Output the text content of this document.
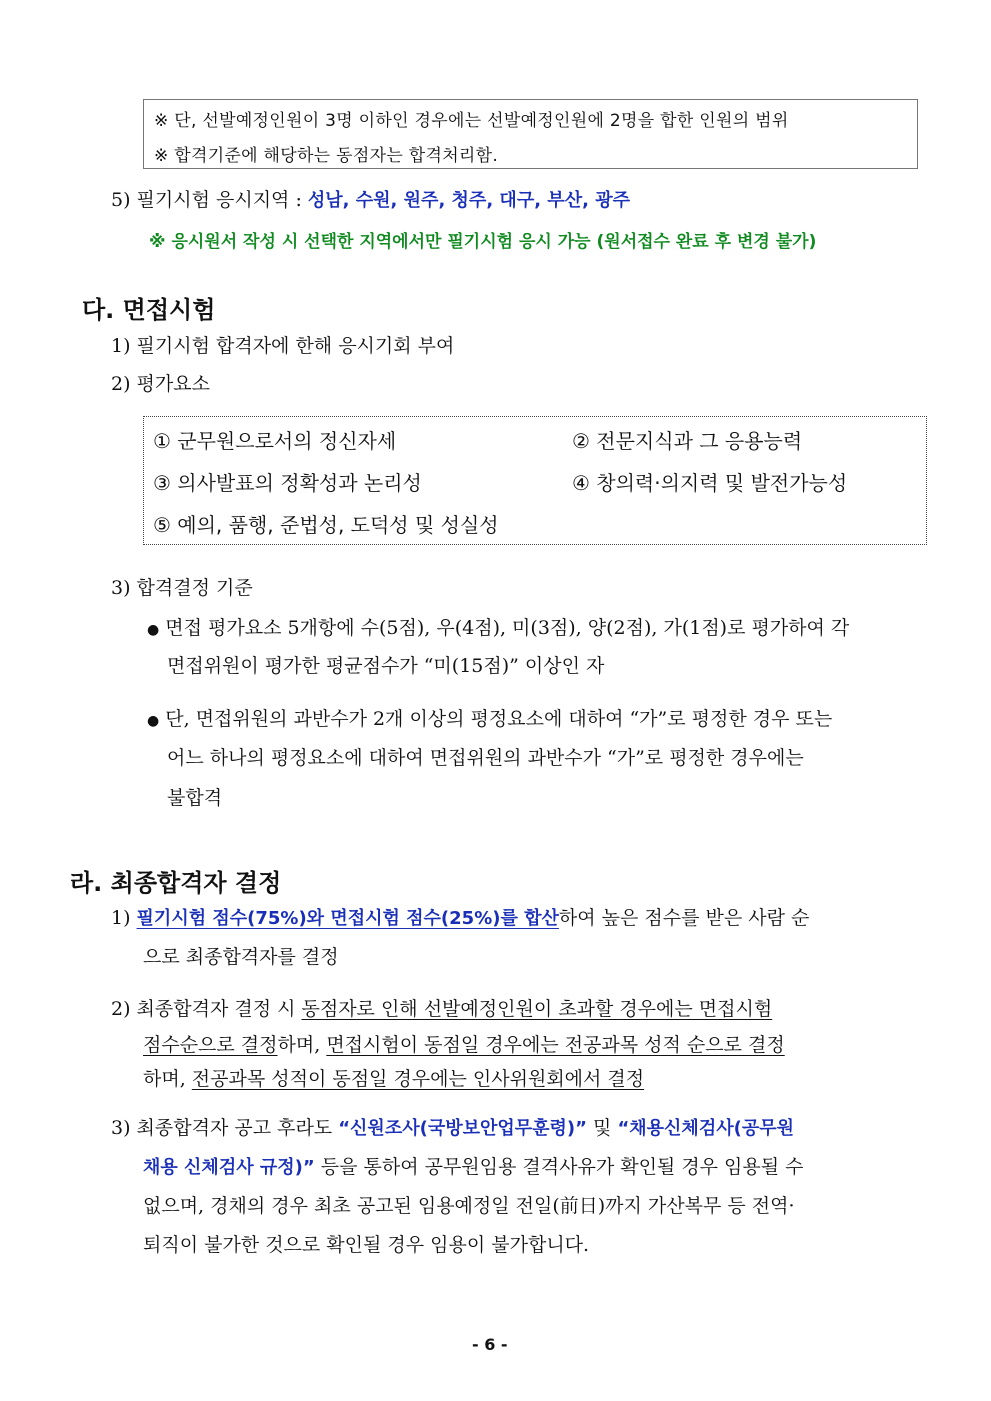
※ 단, 선발예정인원이 3명 이하인 경우에는 선발예정인원에 2명을 합한 인원의 범위
※ 합격기준에 해당하는 동점자는 합격처리함.
5) 필기시험 응시지역 : 성남, 수원, 원주, 청주, 대구, 부산, 광주
※ 응시원서 작성 시 선택한 지역에서만 필기시험 응시 가능 (원서접수 완료 후 변경 불가)
다. 면접시험
1) 필기시험 합격자에 한해 응시기회 부여
2) 평가요소
① 군무원으로서의 정신자세	② 전문지식과 그 응용능력
③ 의사발표의 정확성과 논리성	④ 창의력·의지력 및 발전가능성
⑤ 예의, 품행, 준법성, 도덕성 및 성실성
3) 합격결정 기준
● 면접 평가요소 5개항에 수(5점), 우(4점), 미(3점), 양(2점), 가(1점)로 평가하여 각
면접위원이 평가한 평균점수가 “미(15점)” 이상인 자
● 단, 면접위원의 과반수가 2개 이상의 평정요소에 대하여 “가”로 평정한 경우 또는
어느 하나의 평정요소에 대하여 면접위원의 과반수가 “가”로 평정한 경우에는
불합격
라. 최종합격자 결정
1) 필기시험 점수(75%)와 면접시험 점수(25%)를 합산하여 높은 점수를 받은 사람 순
으로 최종합격자를 결정
2) 최종합격자 결정 시 동점자로 인해 선발예정인원이 초과할 경우에는 면접시험
점수순으로 결정하며, 면접시험이 동점일 경우에는 전공과목 성적 순으로 결정
하며, 전공과목 성적이 동점일 경우에는 인사위원회에서 결정
3) 최종합격자 공고 후라도 “신원조사(국방보안업무훈령)” 및 “채용신체검사(공무원
채용 신체검사 규정)” 등을 통하여 공무원임용 결격사유가 확인될 경우 임용될 수
없으며, 경채의 경우 최초 공고된 임용예정일 전일(前日)까지 가산복무 등 전역·
퇴직이 불가한 것으로 확인될 경우 임용이 불가합니다.
- 6 -
